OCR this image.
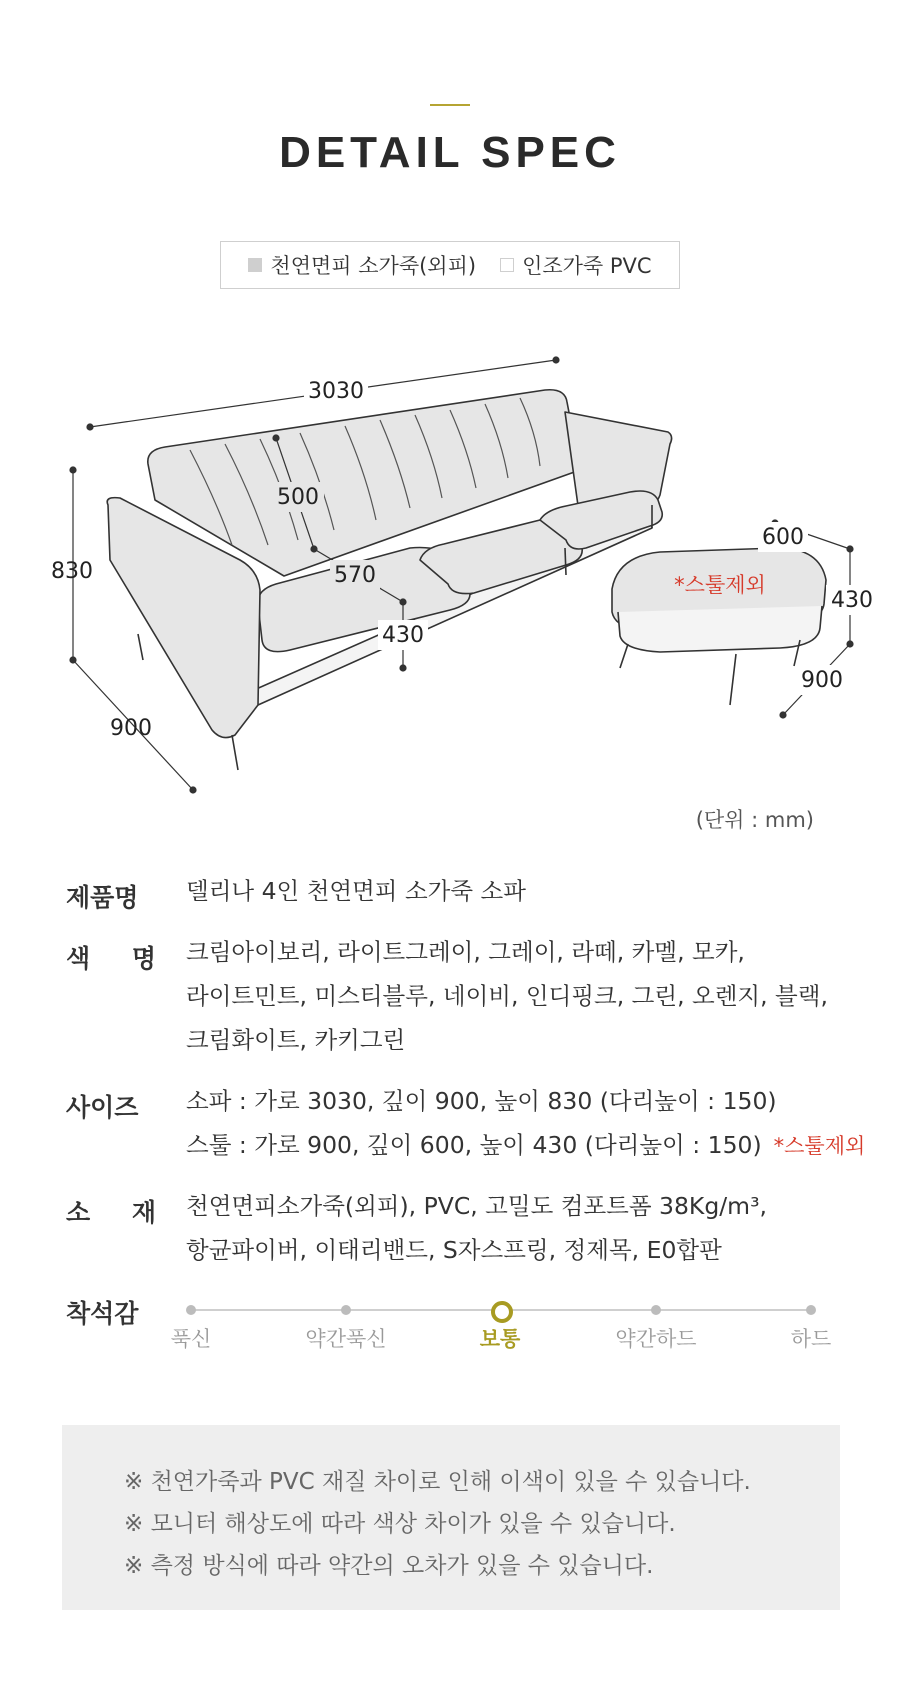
DETAIL SPEC
천연면피 소가죽(외피) 인조가죽 PVC
3030
830
900
500
570
430
600
430
900
*스툴제외
(단위 : mm)
제품명	델리나 4인 천연면피 소가죽 소파
색 명 크림아이보리, 라이트그레이, 그레이, 라떼, 카멜, 모카,
라이트민트, 미스티블루, 네이비, 인디핑크, 그린, 오렌지, 블랙,
크림화이트, 카키그린
사이즈	소파 : 가로 3030, 깊이 900, 높이 830 (다리높이 : 150)
스툴 : 가로 900, 깊이 600, 높이 430 (다리높이 : 150) *스툴제외
소 재 천연면피소가죽(외피), PVC, 고밀도 컴포트폼 38Kg/m³,
항균파이버, 이태리밴드, S자스프링, 정제목, E0합판
착석감
푹신	약간푹신	보통	약간하드	하드
※ 천연가죽과 PVC 재질 차이로 인해 이색이 있을 수 있습니다.
※ 모니터 해상도에 따라 색상 차이가 있을 수 있습니다.
※ 측정 방식에 따라 약간의 오차가 있을 수 있습니다.
